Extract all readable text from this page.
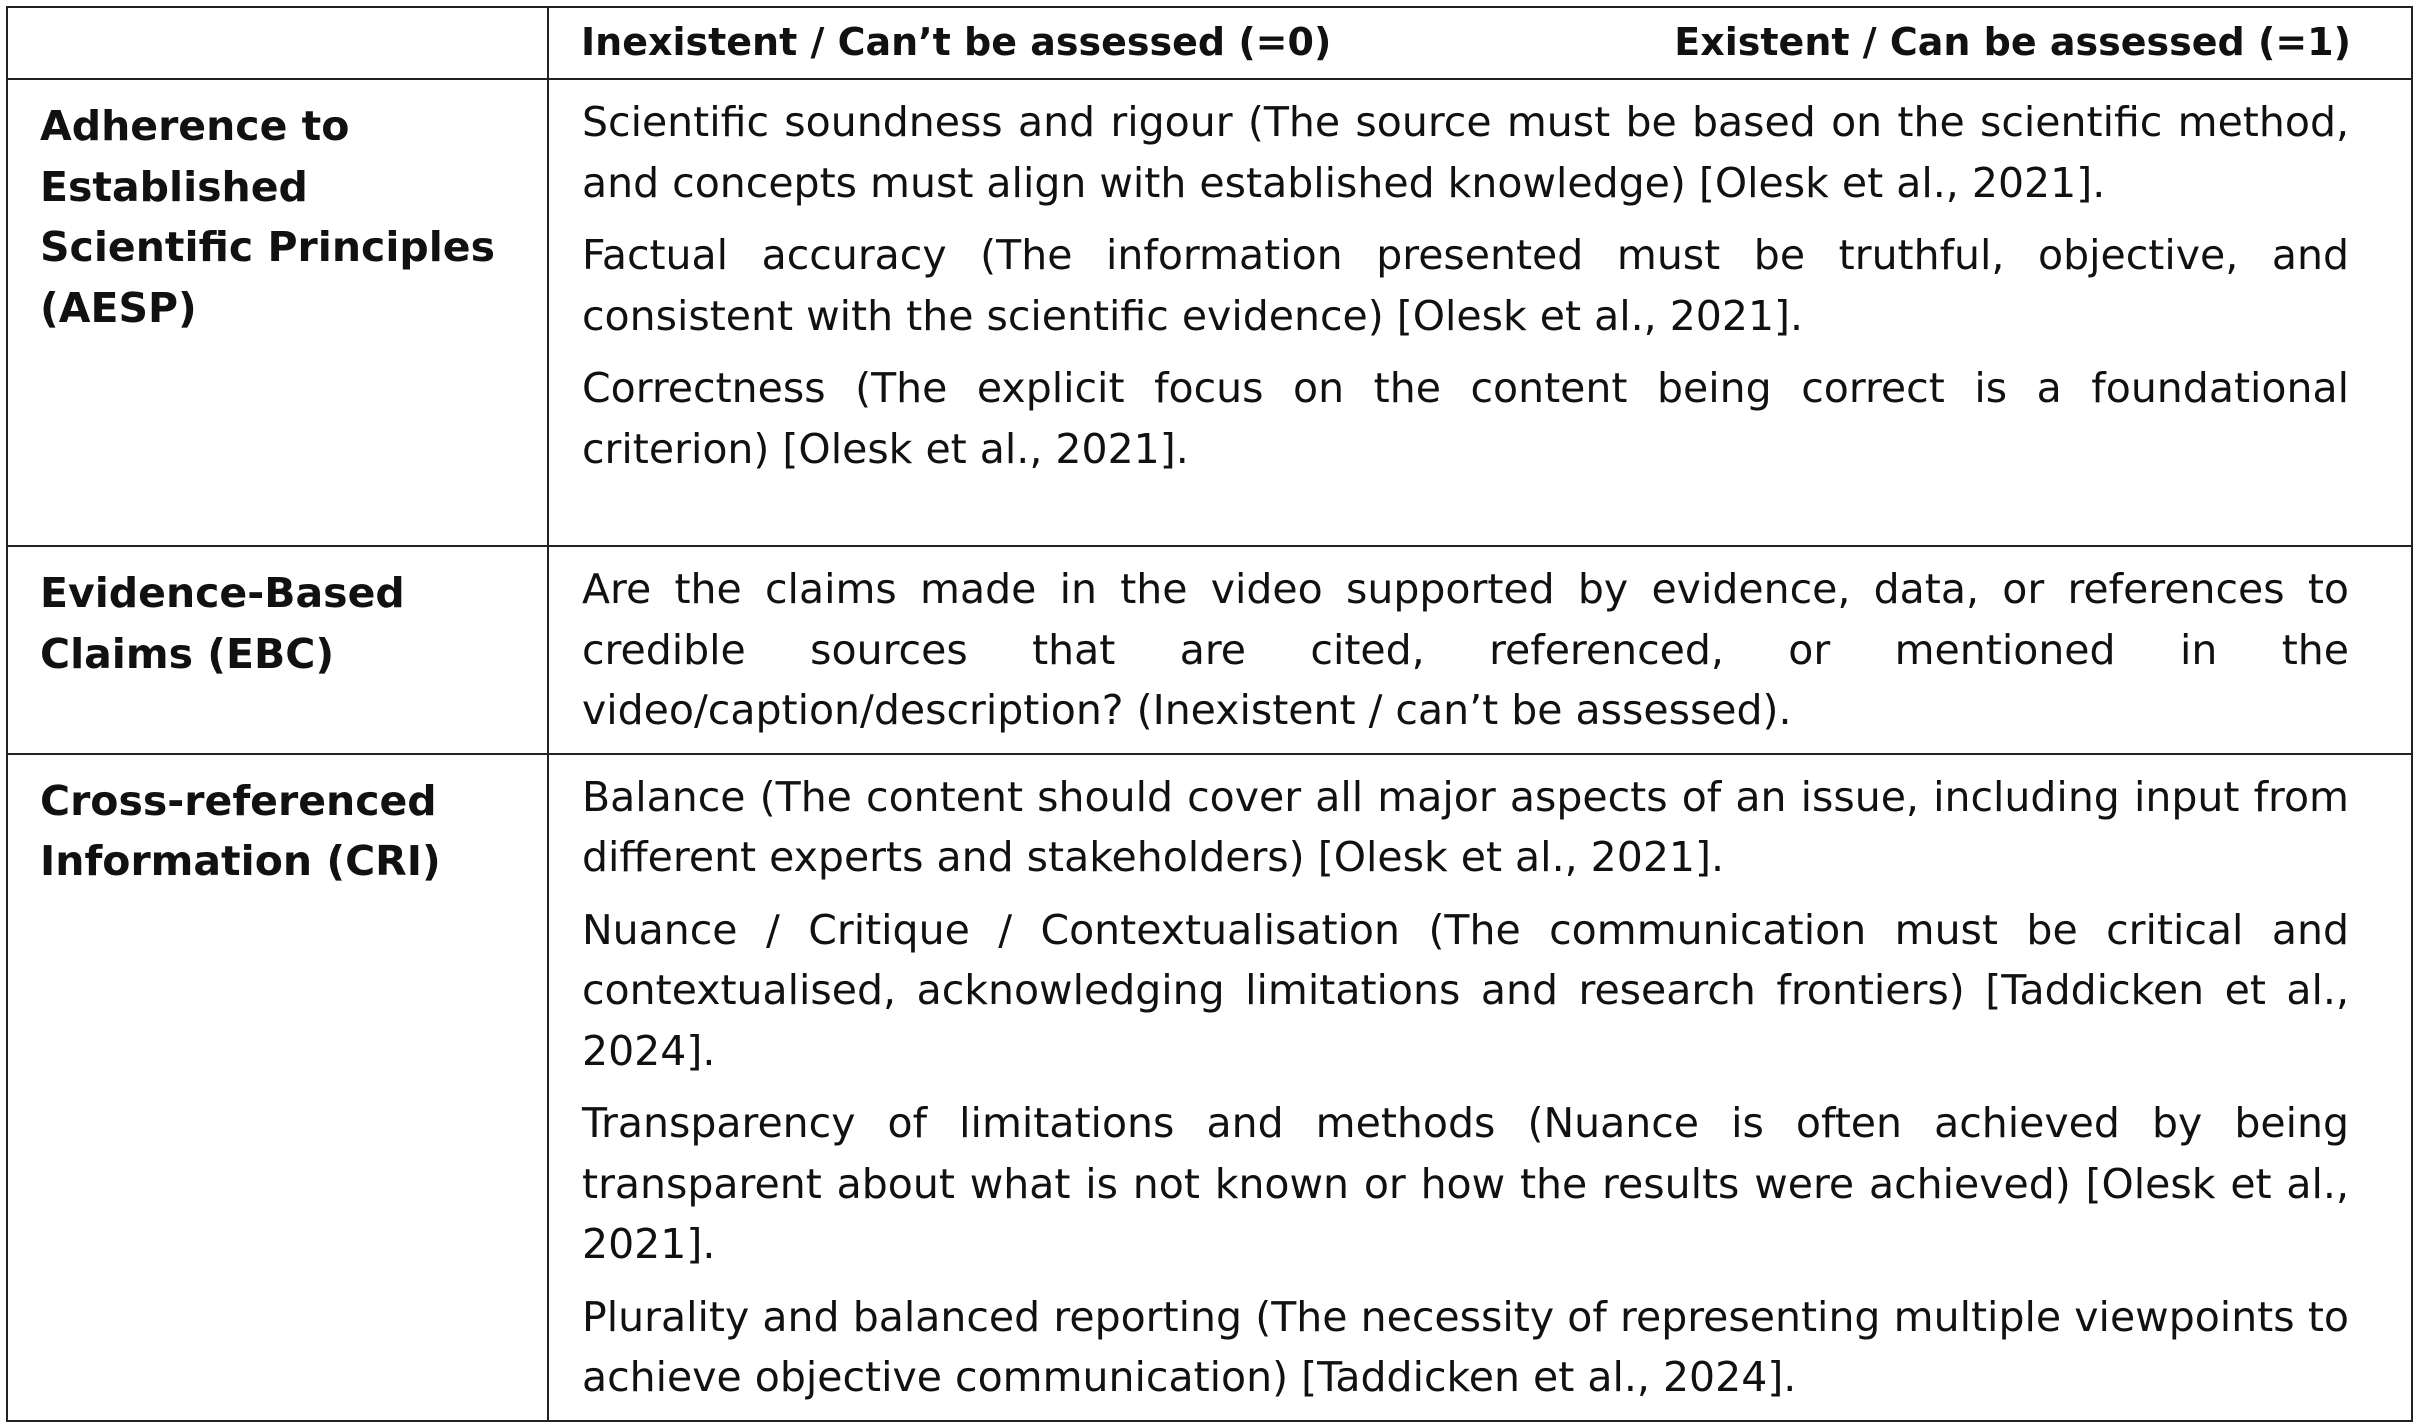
	Inexistent / Can’t be assessed (=0) Existent / Can be assessed (=1)

Adherence to Established Scientific Principles (AESP)	Scientific soundness and rigour (The source must be based on the scientific method, and concepts must align with established knowledge) [Olesk et al., 2021].
Factual accuracy (The information presented must be truthful, objective, and consistent with the scientific evidence) [Olesk et al., 2021].
Correctness (The explicit focus on the content being correct is a foundational criterion) [Olesk et al., 2021].

Evidence-Based Claims (EBC)	Are the claims made in the video supported by evidence, data, or references to credible sources that are cited, referenced, or mentioned in the video/caption/description? (Inexistent / can’t be assessed).

Cross-referenced Information (CRI)	Balance (The content should cover all major aspects of an issue, including input from different experts and stakeholders) [Olesk et al., 2021].
Nuance / Critique / Contextualisation (The communication must be critical and contextualised, acknowledging limitations and research frontiers) [Taddicken et al., 2024].
Transparency of limitations and methods (Nuance is often achieved by being transparent about what is not known or how the results were achieved) [Olesk et al., 2021].
Plurality and balanced reporting (The necessity of representing multiple viewpoints to achieve objective communication) [Taddicken et al., 2024].
